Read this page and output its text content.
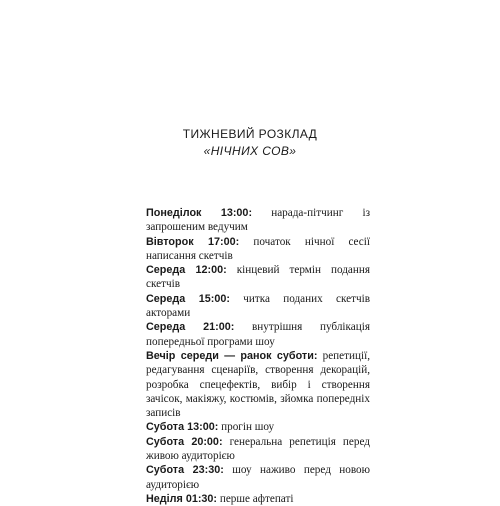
ТИЖНЕВИЙ РОЗКЛАД
«НІЧНИХ СОВ»

Понеділок 13:00: нарада-пітчинг із запрошеним ведучим

Вівторок 17:00: початок нічної сесії написання скетчів

Середа 12:00: кінцевий термін подання скетчів

Середа 15:00: читка поданих скетчів акторами

Середа 21:00: внутрішня публікація попередньої програми шоу

Вечір середи — ранок суботи: репетиції, редагування сценаріїв, створення декорацій, розробка спецефектів, вибір і створення зачісок, макіяжу, костюмів, зйомка попередніх записів

Субота 13:00: прогін шоу

Субота 20:00: генеральна репетиція перед живою аудиторією

Субота 23:30: шоу наживо перед новою аудиторією

Неділя 01:30: перше афтепаті
